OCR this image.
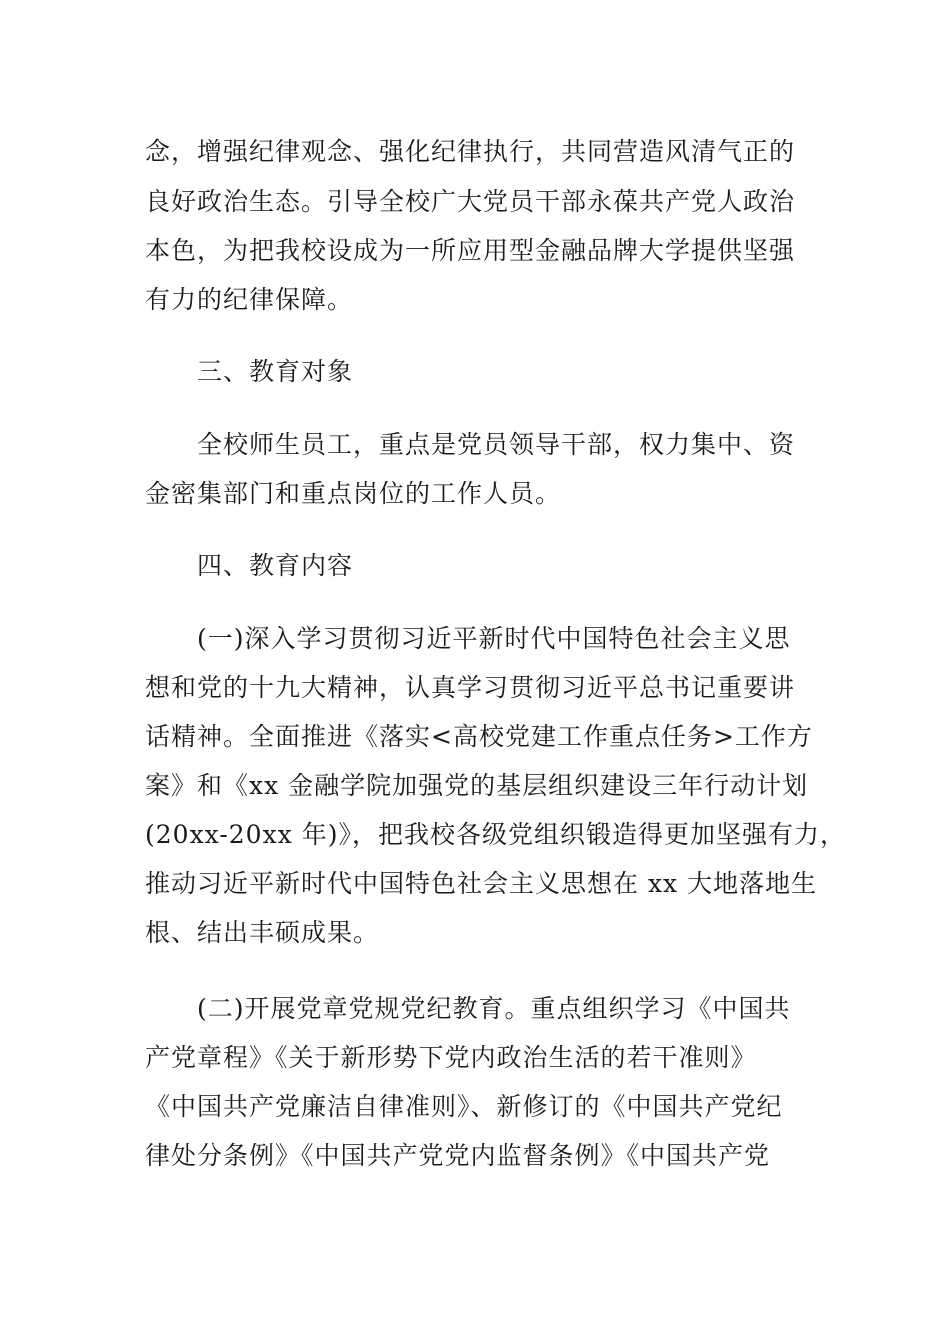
念，增强纪律观念、强化纪律执行，共同营造风清气正的
良好政治生态。引导全校广大党员干部永葆共产党人政治
本色，为把我校设成为一所应用型金融品牌大学提供坚强
有力的纪律保障。
三、教育对象
全校师生员工，重点是党员领导干部，权力集中、资
金密集部门和重点岗位的工作人员。
四、教育内容
(一)深入学习贯彻习近平新时代中国特色社会主义思
想和党的十九大精神，认真学习贯彻习近平总书记重要讲
话精神。全面推进《落实<高校党建工作重点任务>工作方
案》和《xx 金融学院加强党的基层组织建设三年行动计划
(20xx-20xx 年)》，把我校各级党组织锻造得更加坚强有力，
推动习近平新时代中国特色社会主义思想在 xx 大地落地生
根、结出丰硕成果。
(二)开展党章党规党纪教育。重点组织学习《中国共
产党章程》《关于新形势下党内政治生活的若干准则》
《中国共产党廉洁自律准则》、新修订的《中国共产党纪
律处分条例》《中国共产党党内监督条例》《中国共产党
